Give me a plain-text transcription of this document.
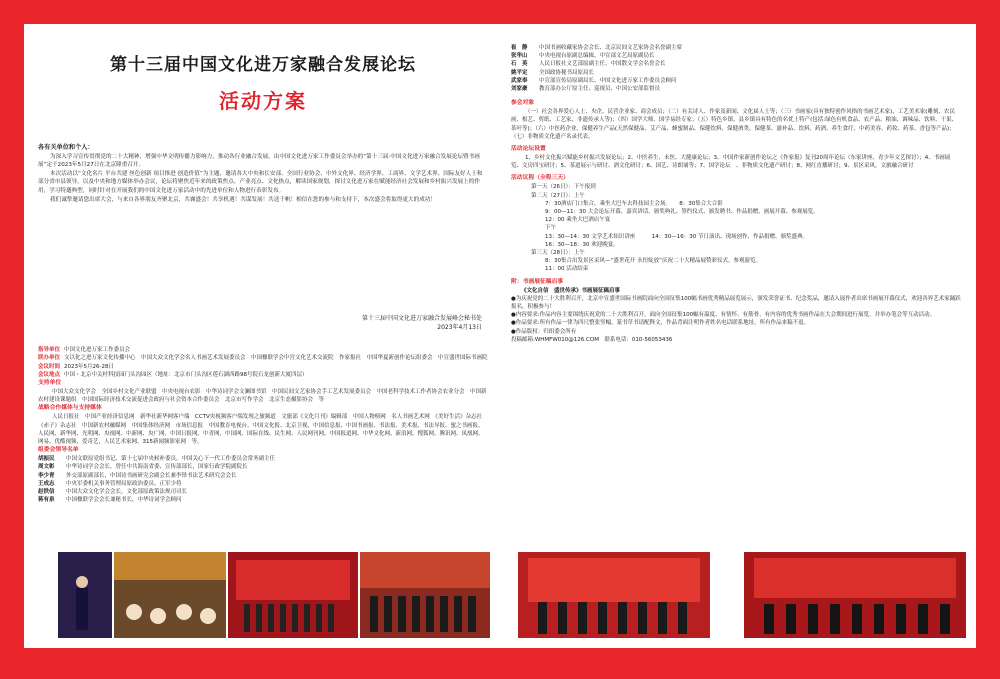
第十三届中国文化进万家融合发展论坛
活动方案
各有关单位和个人：

为深入学习宣传贯彻党的二十大精神，增强中华文明传播力影响力，推动各行业融合发展。由中国文化进万家工作委员会举办的“第十三届·中国文化进万家融合发展论坛暨书画展”定于2023年5月27日在北京隆重召开。

本次活动以“文化名片 平台共建 丝色创新 项目推进 创造价值”为主题，邀请各大中央和长安部、全国行业协会、中外文化界、经济学界、工商界、文学艺术界、国际友好人士和部分省市县领导，以及中央和地方媒体举办会议，论坛将聚焦近年来的政策焦点、产业亮点、文化热点，解读国家规划，探讨文化进万家在赋能经济社会发展和乡村振兴发展上的作用，学习特邀典型，同时针对在开展我们的中国文化进万家活动中的先进单位和人物进行表彰发布。

我们诚挚邀请您出席大会，与来自各界朋友齐聚北京，共襄盛会！共享机遇！共谋发展！共送千帆！相信在您的参与和支持下，本次盛会将取得更大的成功！

第十三届中国文化进万家融合发展峰会秘书处
2023年4月13日
指导单位 中国文化进万家工作委员会
联办单位 文以化之进万家文化传播中心　中国大众文化学会名人书画艺术发展委员会　中国楹联学会中宫文化艺术交流院　作家报社　中国华夏新创作论坛组委会　中宣盛世国际书画院
会议时间 2023年5月26-28日
会议地点 中国・北京中关村科技园门头沟园区（地址：北京市门头沟区莲石湖西路98号院石龙创新大厦四层）
支持单位
中国大众文化学会　全国乡村文化产业联盟　中央电视台农影　中华诗词学会文澜图书馆　中国民间文艺家协会手工艺术发展委员会　中国老科学技术工作者协会农业分会　中国新农村建设课题组　中国国际经济技术交流促进会政府与社会资本合作委员会　北京市写作学会　北京生态摄影协会　等
战略合作媒体与支持媒体
人民日报社　中国产业经济信息网　新华社新华网客户端　CCTV央视频客户端发现之旅频道　文旅部《文化月刊》编辑部　中国人物榜网　名人书画艺术网　《美好生活》杂志社　《赤子》杂志社　中国新农村融媒网　中国集体经济网　市场信息报　中国教育电视台、中国文化报、北京卫视、中国信息报、中国书画报、书法报、美术报、书法导报、蜜之书画报、人民网、新华网、光明网、央视网、中新网、央广网、中国日报网、中青网、中国网、国际在线、民生网、人民网刊网、中国报道网、中华文化网、新浪网、搜狐网、腾讯网、凤凰网、网易、优酷视频、爱奇艺，人民艺术家网、315新闻频影家网　等。
组委会领导名单
胡振民 中国文联原党组书记、第十七届中央候补委员，中国关心下一代工作委员会常务副主任
周文彰 中华诗词学会会长，曾任中共海南省委、宣传部部长，国家行政学院副院长
李少青 外交部原副部长、中国诗书画研究会副会长兼李铎书法艺术研究会会长
王成志 中央军委机关事务管理局原政治委员、正军少将
赵铁信 中国大众文化学会会长，文化部原政策法规司司长
蒋有泉 中国楹联学会会长兼秘书长，中华诗词学会顾问
崔　静 中国书画收藏家协会会长、北京民间文艺家协会名誉副主席
张华山 中央电视台原副总编辑、中宣部文艺局原副局长
石　英 人民日报社文艺部原副主任、中国散文学会名誉会长
姚平定 全国政协秘书局原局长
武家奉 中宣部宣传局原副局长、中国文化进万家工作委员会顾问
刘家豪 教育部办公厅原主任、巡视员、中国公安部监督员
参会对象
（一）社会各界爱心人士、央企、民营企业家、商会成员；（二）有关诗人、作家及新闻、文化届人士等；（三）书画家(具有独特创作风格的书画艺术家)、工艺美术家(雕刻、农民画、根艺、剪纸、工艺家、非遗传承人等)；（四）国学大师、国学易经专家；（五）特色乡镇、县乡镇具有特色的名优土特产(包括:绿色有机食品、农产品、粮油、调味品、饮料、干果、茶叶等)；（六）中医药企业、保健养生产品(天然保健品、艾产品、蜂蜜制品、保健饮料、保健酒类、保健茶、滋补品、饮料、药酒、养生食疗、中药美容、药妆、药茶、香包等产品)；（七）非物质文化遗产名录代表。
活动论坛设置
1、乡村文化振兴赋能乡村振兴发展论坛；2、中医养生、未医、大健康论坛；3、中国作家新创作论坛之《作家报》复刊20周年论坛（东家讲座、青少年文艺探讨）；4、书画展览、文房四宝研讨；5、茶道展示与研讨、酒文化研讨；6、国艺、诗朗诵等；7、国学论坛　、非物质文化遗产研讨；8、网红直播研讨；9、景区采风，文旅融合研讨
活动议程（全程三天）
第一天（26日）：下午报到
第二天（27日）：上午
7：30酒店门口集合，乘坐大巴车去科技园主会场。　　8：30集合大合影
9：00—11：30 大会论坛开幕、嘉宾讲话、颁奖典礼、签约仪式、颁发聘书、作品捐赠、画展开幕、参观展览。
12：00 乘坐大巴酒店午宴
下午
13：30—14：30 文学艺术知识讲座　　　14：30—16：30 节日演出、现场创作、作品捐赠、颁奖盛典。
16：30—18：30 欢迎晚宴。
第三天（28日）：上午
8：30集合出发景区采风—“盛世花开 永恒绽放”庆祝二十大精品展赞彩仪式。参观游览。
11：00 活动结束
附：书画展征稿启事
《文化自信　盛世传承》书画展征稿启事
●为庆祝党的二十大胜利召开，北京中宣盛世国际书画院面向全国征集100幅书画优秀精品展览展示，颁发荣誉证书、纪念奖品，邀请入展作者出席书画展开幕仪式，欢迎各界艺术家踊跃报名，积极参与！
●内容要求:作品内容主要围绕庆祝党的二十大胜利召开，面向全国征集100幅有温度、有情怀、有筋骨、有内容的优秀书画作品在大会期间进行展览，并举办笔会等互动活动。
●作品要求:所有作品一律为四尺整张竖幅，篆书草书请配释文，作品背面注明作者姓名电话联系地址，所有作品来稿不退。
●作品版权：归组委会所有
投稿邮箱:WHMFW010@126.COM　联系电话：010-56053436
